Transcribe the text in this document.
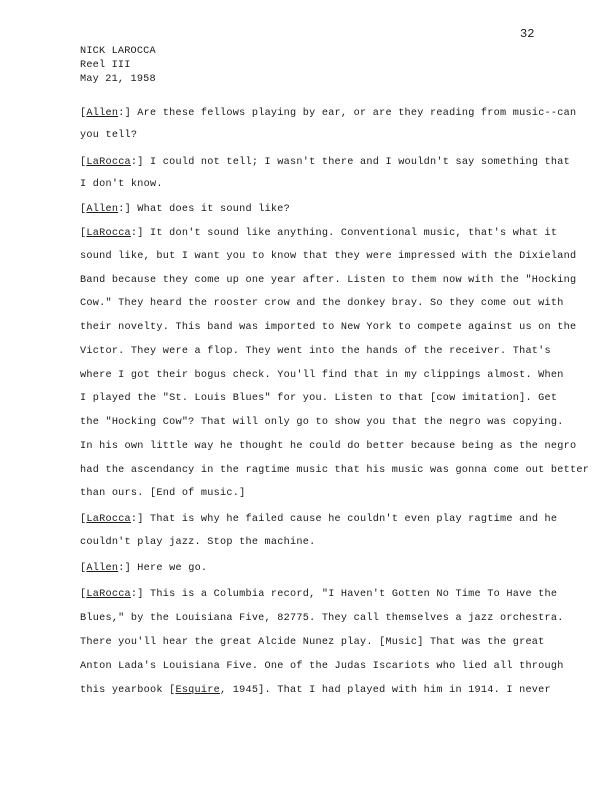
32
NICK LAROCCA
Reel III
May 21, 1958
[Allen:] Are these fellows playing by ear, or are they reading from music--can
you tell?
[LaRocca:] I could not tell; I wasn't there and I wouldn't say something that
I don't know.
[Allen:] What does it sound like?
[LaRocca:] It don't sound like anything. Conventional music, that's what it
sound like, but I want you to know that they were impressed with the Dixieland
Band because they come up one year after. Listen to them now with the "Hocking
Cow." They heard the rooster crow and the donkey bray. So they come out with
their novelty. This band was imported to New York to compete against us on the
Victor. They were a flop. They went into the hands of the receiver. That's
where I got their bogus check. You'll find that in my clippings almost. When
I played the "St. Louis Blues" for you. Listen to that [cow imitation]. Get
the "Hocking Cow"? That will only go to show you that the negro was copying.
In his own little way he thought he could do better because being as the negro
had the ascendancy in the ragtime music that his music was gonna come out better
than ours. [End of music.]
[LaRocca:] That is why he failed cause he couldn't even play ragtime and he
couldn't play jazz. Stop the machine.
[Allen:] Here we go.
[LaRocca:] This is a Columbia record, "I Haven't Gotten No Time To Have the
Blues," by the Louisiana Five, 82775. They call themselves a jazz orchestra.
There you'll hear the great Alcide Nunez play. [Music] That was the great
Anton Lada's Louisiana Five. One of the Judas Iscariots who lied all through
this yearbook [Esquire, 1945]. That I had played with him in 1914. I never
